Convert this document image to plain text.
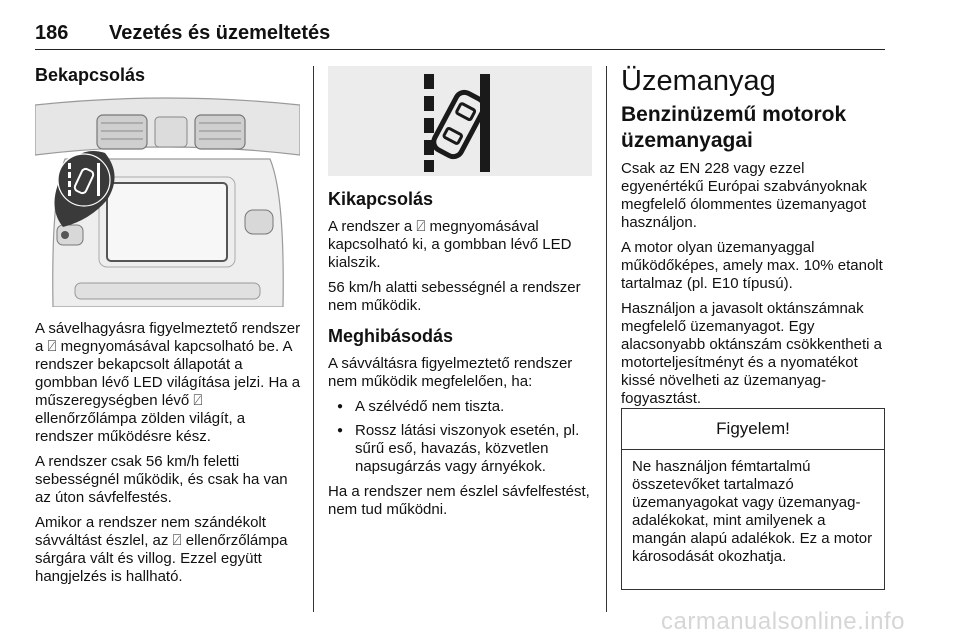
186 Vezetés és üzemeltetés
Bekapcsolás

A sávelhagyásra figyelmeztető rendszer a ⍁ megnyomásával kapcsolható be. A rendszer bekapcsolt állapotát a gombban lévő LED világítása jelzi. Ha a műszeregységben lévő ⍁ ellenőrzőlámpa zölden világít, a rendszer működésre kész.

A rendszer csak 56 km/h feletti sebességnél működik, és csak ha van az úton sávfelfestés.

Amikor a rendszer nem szándékolt sávváltást észlel, az ⍁ ellenőrzőlámpa sárgára vált és villog. Ezzel együtt hangjelzés is hallható.

Kikapcsolás

A rendszer a ⍁ megnyomásával kapcsolható ki, a gombban lévő LED kialszik.

56 km/h alatti sebességnél a rendszer nem működik.

Meghibásodás

A sávváltásra figyelmeztető rendszer nem működik megfelelően, ha:

● A szélvédő nem tiszta.
● Rossz látási viszonyok esetén, pl. sűrű eső, havazás, közvetlen napsugárzás vagy árnyékok.

Ha a rendszer nem észlel sávfelfestést, nem tud működni.

Üzemanyag
Benzinüzemű motorok üzemanyagai

Csak az EN 228 vagy ezzel egyenértékű Európai szabványoknak megfelelő ólommentes üzemanyagot használjon.

A motor olyan üzemanyaggal működőképes, amely max. 10% etanolt tartalmaz (pl. E10 típusú).

Használjon a javasolt oktánszámnak megfelelő üzemanyagot. Egy alacsonyabb oktánszám csökkentheti a motorteljesítményt és a nyomatékot kissé növelheti az üzemanyag-fogyasztást.

Figyelem!
Ne használjon fémtartalmú összetevőket tartalmazó üzemanyagokat vagy üzemanyag-adalékokat, mint amilyenek a mangán alapú adalékok. Ez a motor károsodását okozhatja.
carmanualsonline.info
